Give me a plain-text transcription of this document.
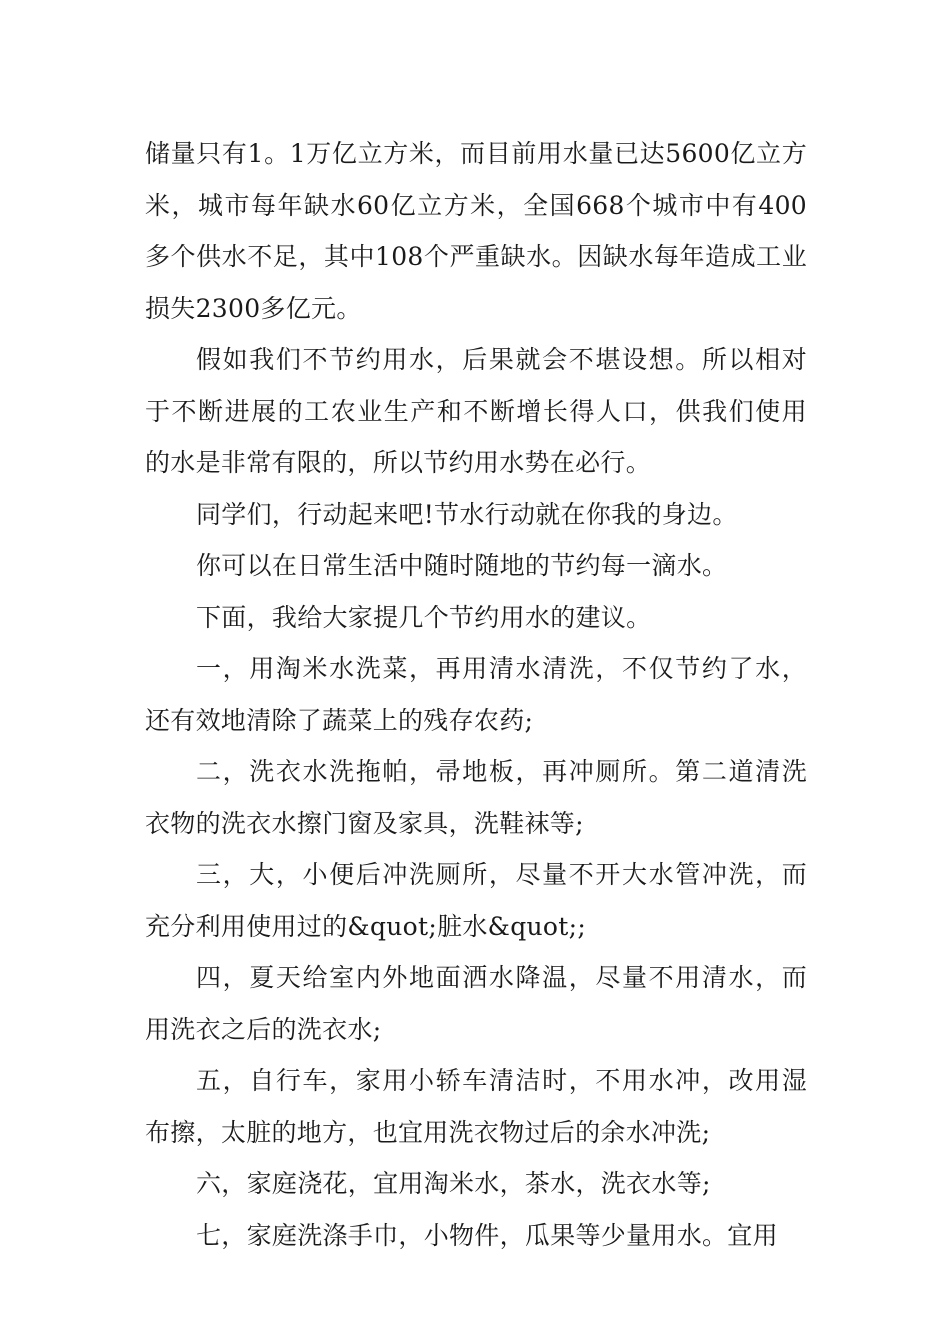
储量只有1。1万亿立方米，而目前用水量已达5600亿立方
米，城市每年缺水60亿立方米，全国668个城市中有400
多个供水不足，其中108个严重缺水。因缺水每年造成工业
损失2300多亿元。

假如我们不节约用水，后果就会不堪设想。所以相对
于不断进展的工农业生产和不断增长得人口，供我们使用
的水是非常有限的，所以节约用水势在必行。

同学们，行动起来吧!节水行动就在你我的身边。

你可以在日常生活中随时随地的节约每一滴水。

下面，我给大家提几个节约用水的建议。

一，用淘米水洗菜，再用清水清洗，不仅节约了水，
还有效地清除了蔬菜上的残存农药;

二，洗衣水洗拖帕，帚地板，再冲厕所。第二道清洗
衣物的洗衣水擦门窗及家具，洗鞋袜等;

三，大，小便后冲洗厕所，尽量不开大水管冲洗，而
充分利用使用过的&quot;脏水&quot;;

四，夏天给室内外地面洒水降温，尽量不用清水，而
用洗衣之后的洗衣水;

五，自行车，家用小轿车清洁时，不用水冲，改用湿
布擦，太脏的地方，也宜用洗衣物过后的余水冲洗;

六，家庭浇花，宜用淘米水，茶水，洗衣水等;

七，家庭洗涤手巾，小物件，瓜果等少量用水。宜用
